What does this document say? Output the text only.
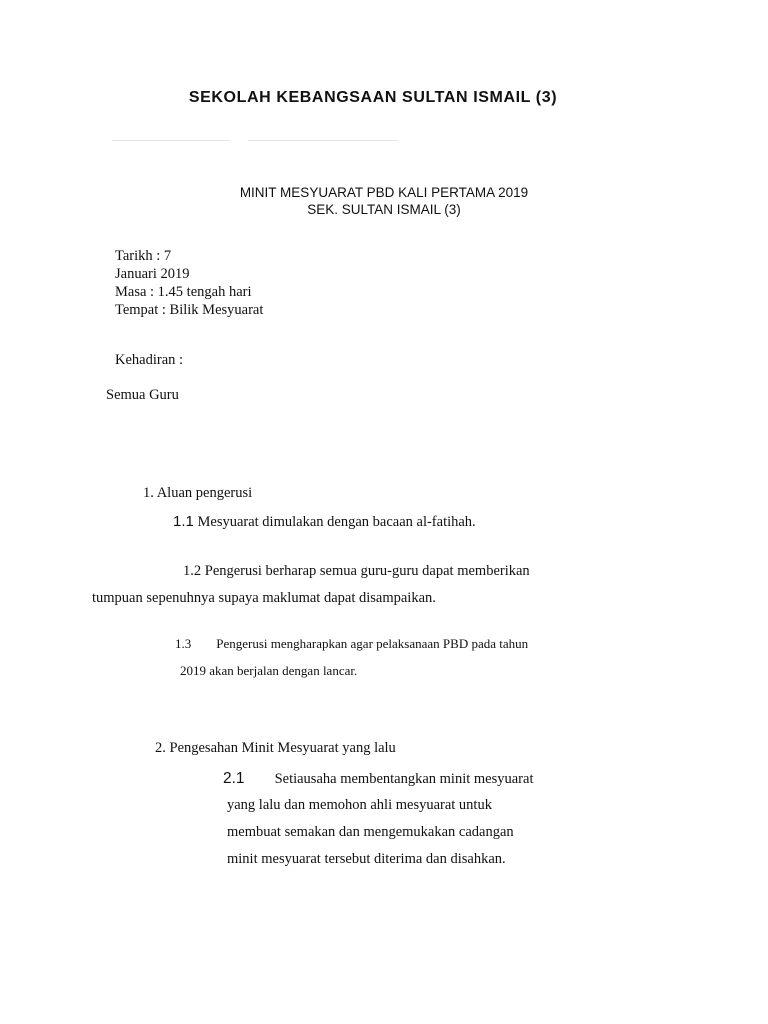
SEKOLAH KEBANGSAAN SULTAN ISMAIL (3)
MINIT MESYUARAT PBD KALI PERTAMA 2019
SEK. SULTAN ISMAIL (3)
Tarikh : 7
Januari 2019
Masa : 1.45 tengah hari
Tempat : Bilik Mesyuarat
Kehadiran :
Semua Guru
1. Aluan pengerusi
1.1 Mesyuarat dimulakan dengan bacaan al-fatihah.
1.2 Pengerusi berharap semua guru-guru dapat memberikan
tumpuan sepenuhnya supaya maklumat dapat disampaikan.
1.3 Pengerusi mengharapkan agar pelaksanaan PBD pada tahun
2019 akan berjalan dengan lancar.
2. Pengesahan Minit Mesyuarat yang lalu
2.1 Setiausaha membentangkan minit mesyuarat
yang lalu dan memohon ahli mesyuarat untuk
membuat semakan dan mengemukakan cadangan
minit mesyuarat tersebut diterima dan disahkan.
